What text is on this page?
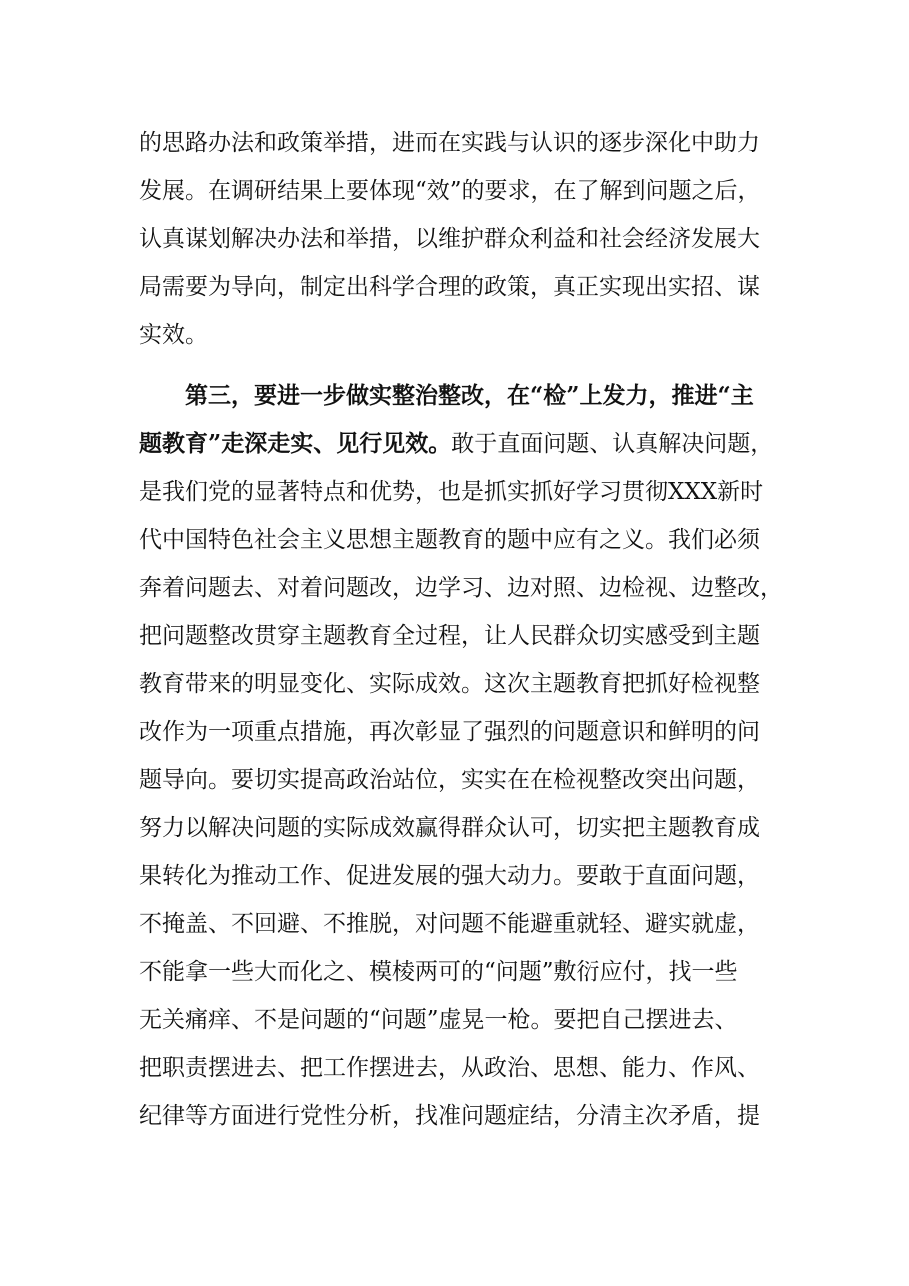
的思路办法和政策举措，进而在实践与认识的逐步深化中助力
发展。在调研结果上要体现“效”的要求，在了解到问题之后，
认真谋划解决办法和举措，以维护群众利益和社会经济发展大
局需要为导向，制定出科学合理的政策，真正实现出实招、谋
实效。
第三，要进一步做实整治整改，在“检”上发力，推进“主
题教育”走深走实、见行见效。敢于直面问题、认真解决问题，
是我们党的显著特点和优势，也是抓实抓好学习贯彻XXX新时
代中国特色社会主义思想主题教育的题中应有之义。我们必须
奔着问题去、对着问题改，边学习、边对照、边检视、边整改，
把问题整改贯穿主题教育全过程，让人民群众切实感受到主题
教育带来的明显变化、实际成效。这次主题教育把抓好检视整
改作为一项重点措施，再次彰显了强烈的问题意识和鲜明的问
题导向。要切实提高政治站位，实实在在检视整改突出问题，
努力以解决问题的实际成效赢得群众认可，切实把主题教育成
果转化为推动工作、促进发展的强大动力。要敢于直面问题，
不掩盖、不回避、不推脱，对问题不能避重就轻、避实就虚，
不能拿一些大而化之、模棱两可的“问题”敷衍应付，找一些
无关痛痒、不是问题的“问题”虚晃一枪。要把自己摆进去、
把职责摆进去、把工作摆进去，从政治、思想、能力、作风、
纪律等方面进行党性分析，找准问题症结，分清主次矛盾，提
